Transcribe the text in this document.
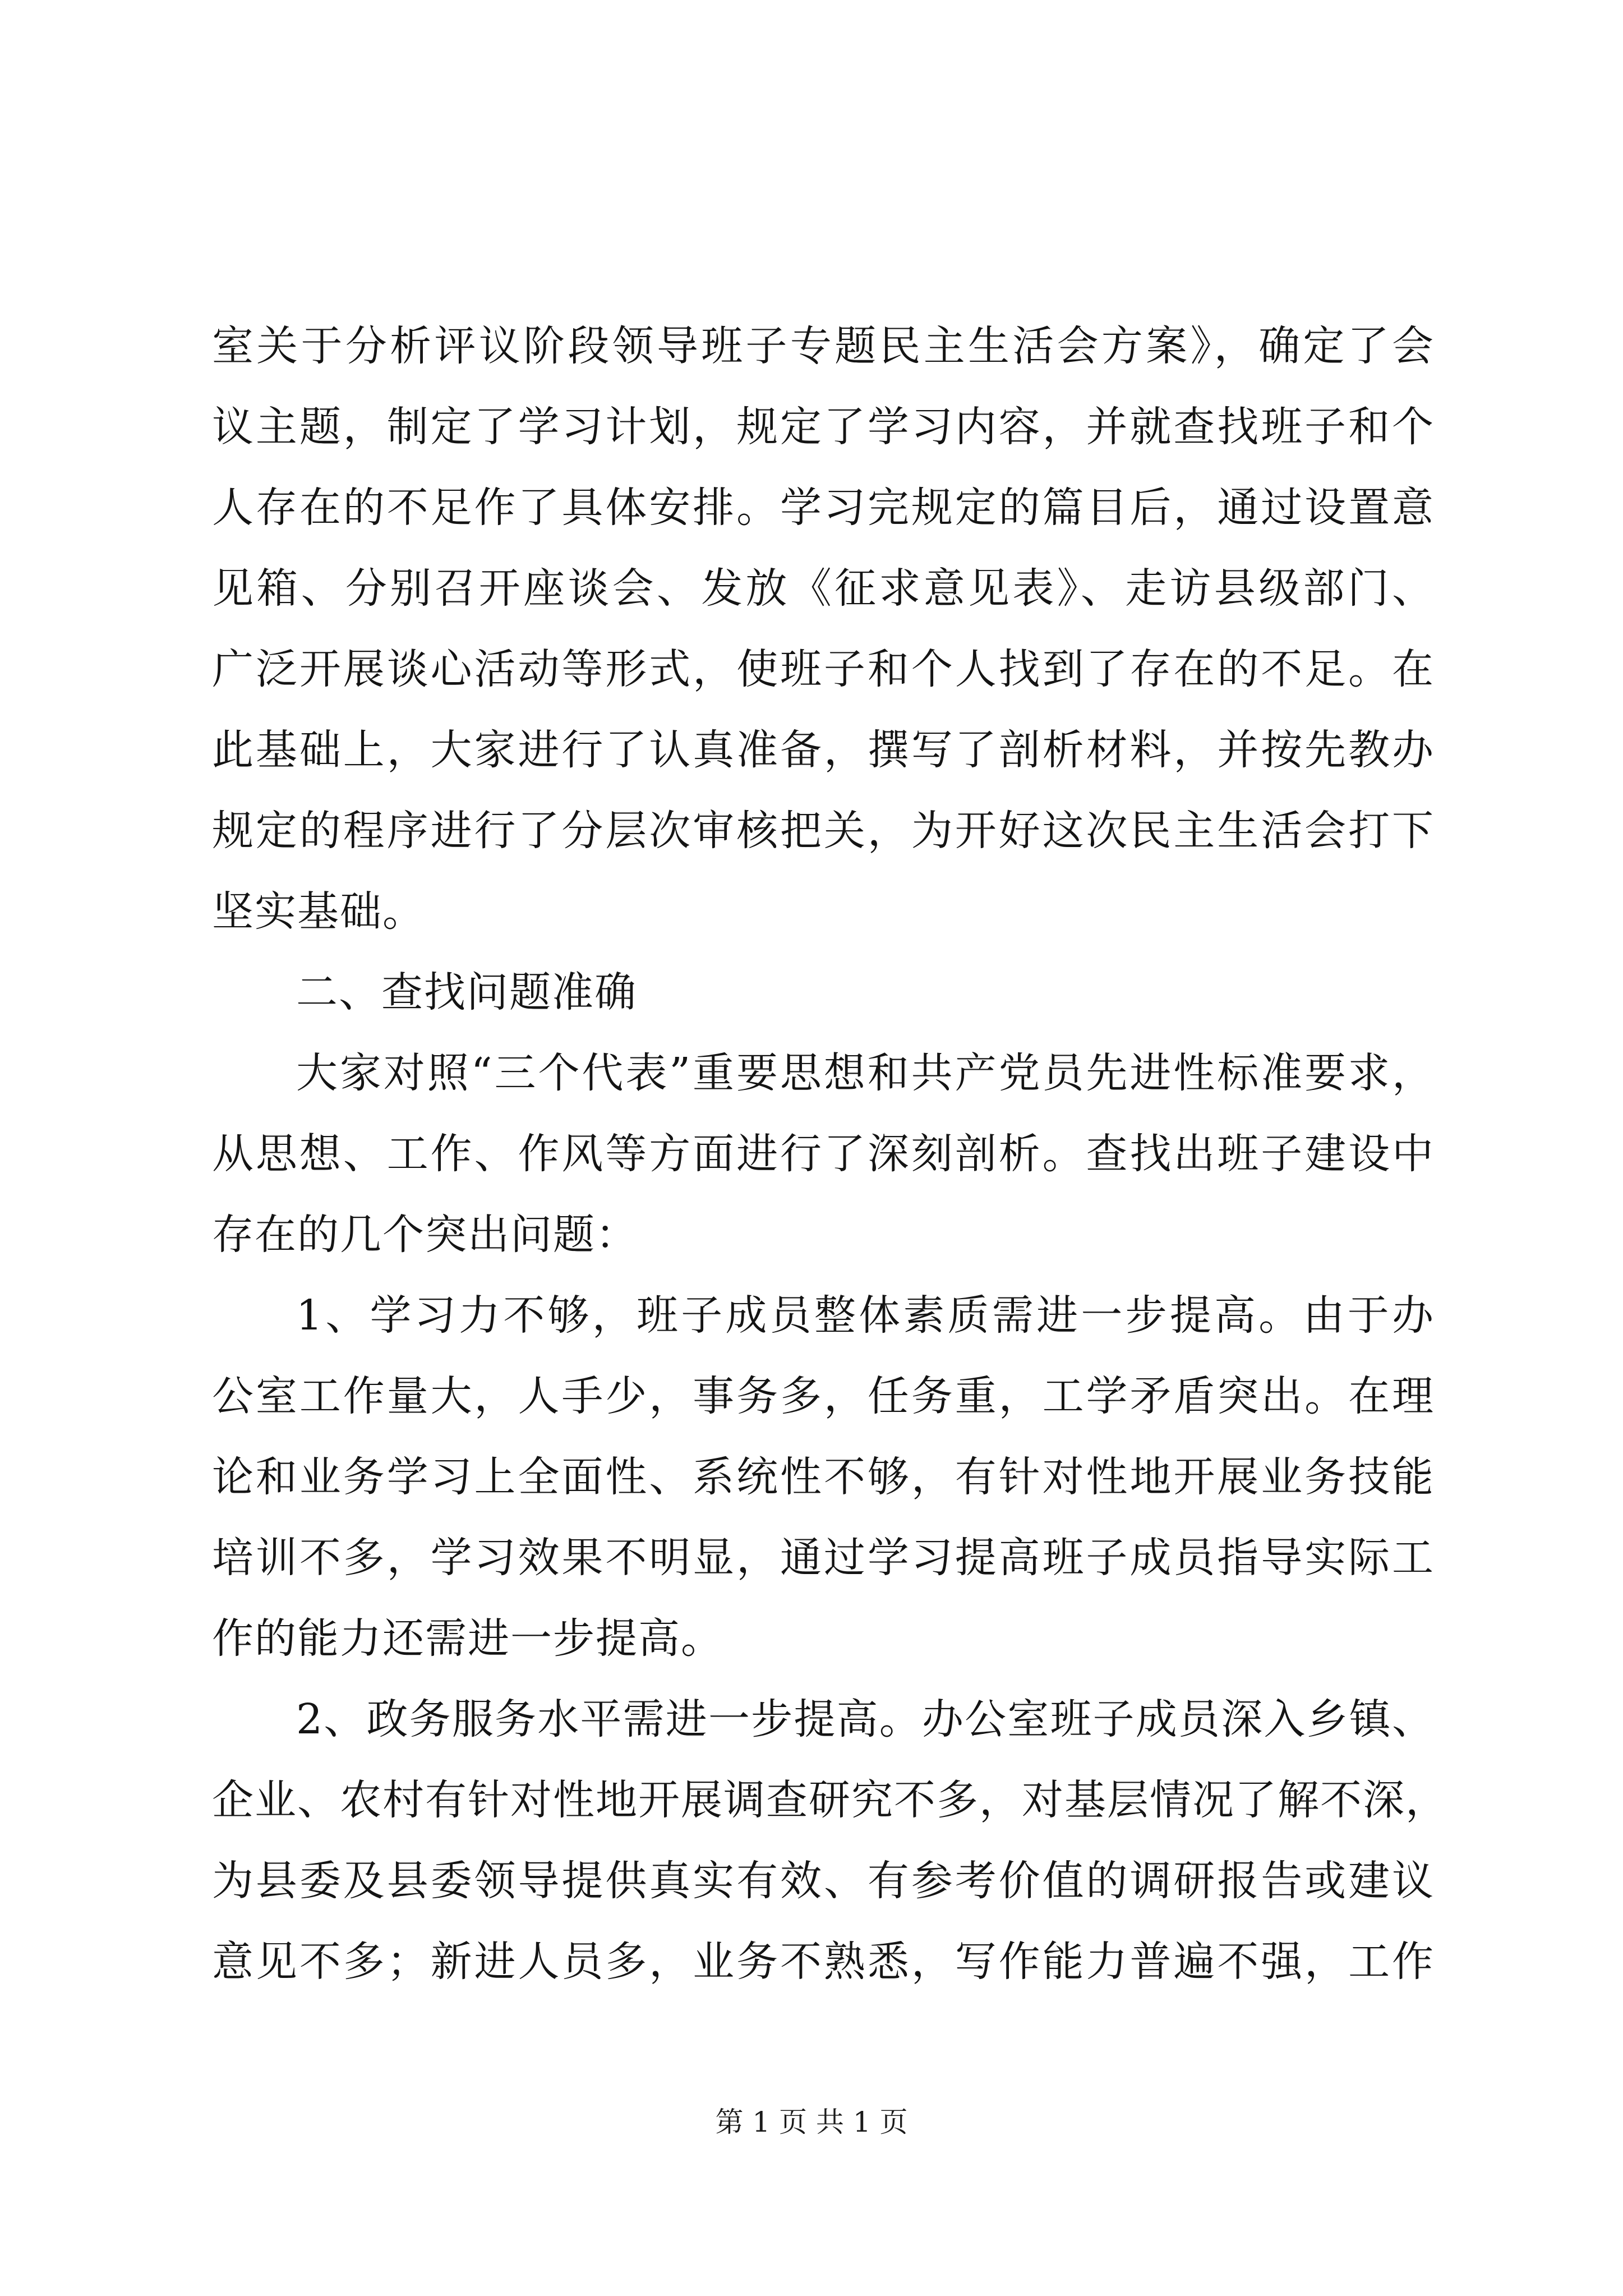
室关于分析评议阶段领导班子专题民主生活会方案》，确定了会
议主题，制定了学习计划，规定了学习内容，并就查找班子和个
人存在的不足作了具体安排。学习完规定的篇目后，通过设置意
见箱、分别召开座谈会、发放《征求意见表》、走访县级部门、
广泛开展谈心活动等形式，使班子和个人找到了存在的不足。在
此基础上，大家进行了认真准备，撰写了剖析材料，并按先教办
规定的程序进行了分层次审核把关，为开好这次民主生活会打下
坚实基础。
二、查找问题准确
大家对照“三个代表”重要思想和共产党员先进性标准要求，
从思想、工作、作风等方面进行了深刻剖析。查找出班子建设中
存在的几个突出问题：
1、学习力不够，班子成员整体素质需进一步提高。由于办
公室工作量大，人手少，事务多，任务重，工学矛盾突出。在理
论和业务学习上全面性、系统性不够，有针对性地开展业务技能
培训不多，学习效果不明显，通过学习提高班子成员指导实际工
作的能力还需进一步提高。
2、政务服务水平需进一步提高。办公室班子成员深入乡镇、
企业、农村有针对性地开展调查研究不多，对基层情况了解不深，
为县委及县委领导提供真实有效、有参考价值的调研报告或建议
意见不多；新进人员多，业务不熟悉，写作能力普遍不强，工作
第 1 页 共 1 页
